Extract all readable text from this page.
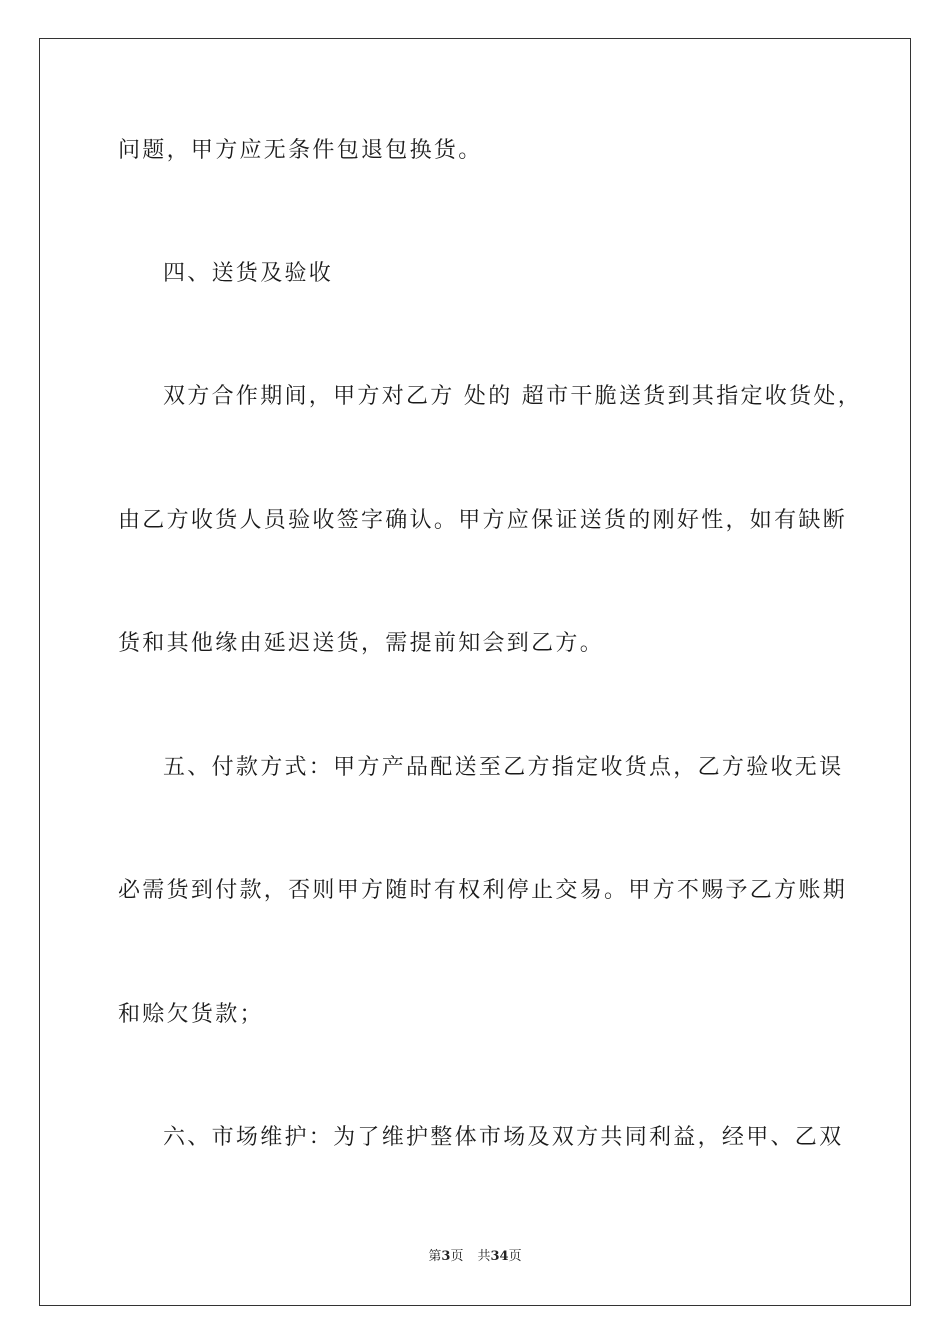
问题，甲方应无条件包退包换货。
四、送货及验收
双方合作期间，甲方对乙方 处的 超市干脆送货到其指定收货处，
由乙方收货人员验收签字确认。甲方应保证送货的刚好性，如有缺断
货和其他缘由延迟送货，需提前知会到乙方。
五、付款方式：甲方产品配送至乙方指定收货点，乙方验收无误
必需货到付款，否则甲方随时有权利停止交易。甲方不赐予乙方账期
和赊欠货款；
六、市场维护：为了维护整体市场及双方共同利益，经甲、乙双
第3页 共34页
